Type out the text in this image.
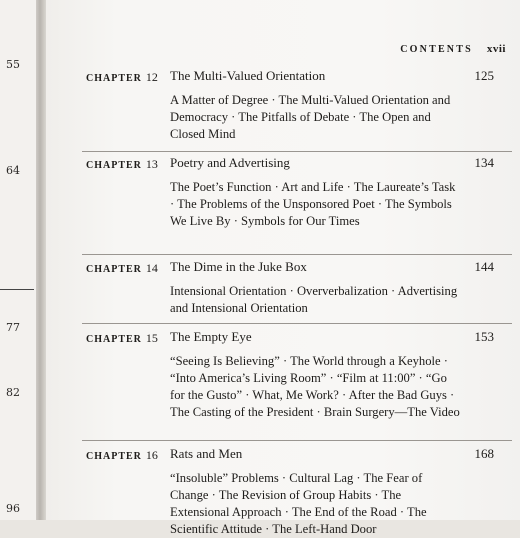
55
64
77
82
96
CONTENTS xvii
CHAPTER 12 The Multi-Valued Orientation	125
A Matter of Degree · The Multi-Valued Orientation and Democracy · The Pitfalls of Debate · The Open and Closed Mind
CHAPTER 13 Poetry and Advertising	134
The Poet’s Function · Art and Life · The Laureate’s Task · The Problems of the Unsponsored Poet · The Symbols We Live By · Symbols for Our Times
CHAPTER 14 The Dime in the Juke Box	144
Intensional Orientation · Oververbalization · Advertising and Intensional Orientation
CHAPTER 15 The Empty Eye	153
“Seeing Is Believing” · The World through a Keyhole · “Into America’s Living Room” · “Film at 11:00” · “Go for the Gusto” · What, Me Work? · After the Bad Guys · The Casting of the President · Brain Surgery—The Video
CHAPTER 16 Rats and Men	168
“Insoluble” Problems · Cultural Lag · The Fear of Change · The Revision of Group Habits · The Extensional Approach · The End of the Road · The Scientific Attitude · The Left-Hand Door
